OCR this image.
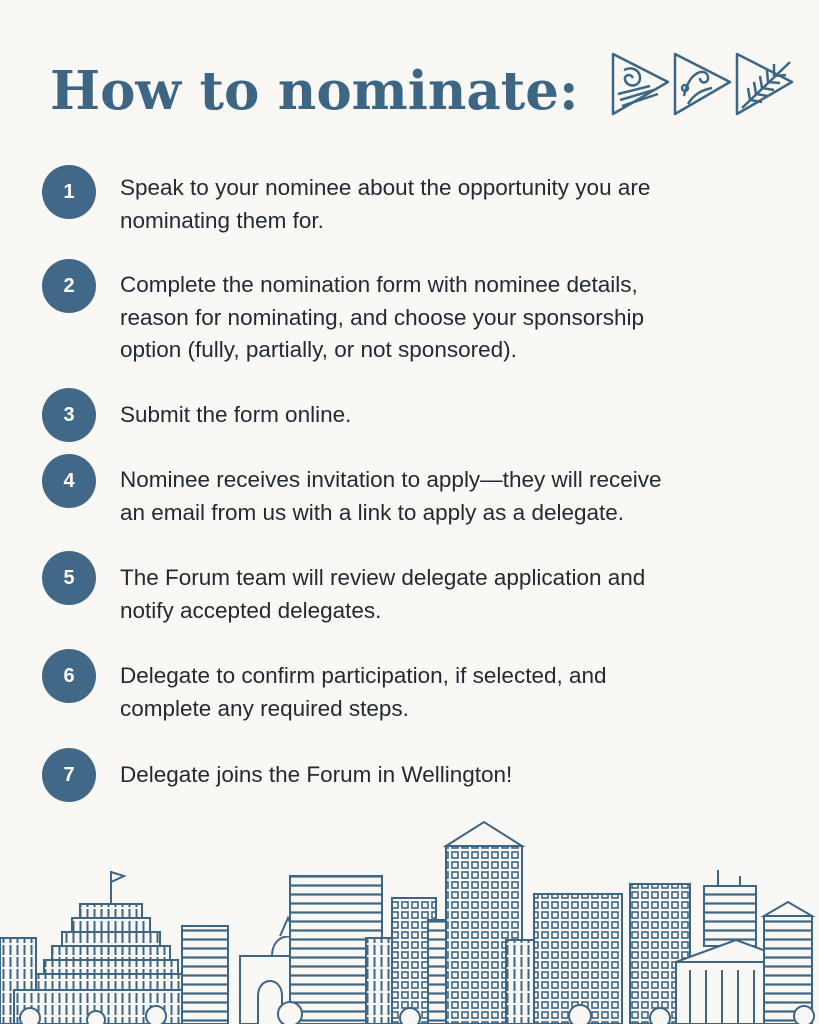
How to nominate:
1	Speak to your nominee about the opportunity you are
nominating them for.
2	Complete the nomination form with nominee details,
reason for nominating, and choose your sponsorship
option (fully, partially, or not sponsored).
3	Submit the form online.
4	Nominee receives invitation to apply—they will receive
an email from us with a link to apply as a delegate.
5	The Forum team will review delegate application and
notify accepted delegates.
6	Delegate to confirm participation, if selected, and
complete any required steps.
7	Delegate joins the Forum in Wellington!
